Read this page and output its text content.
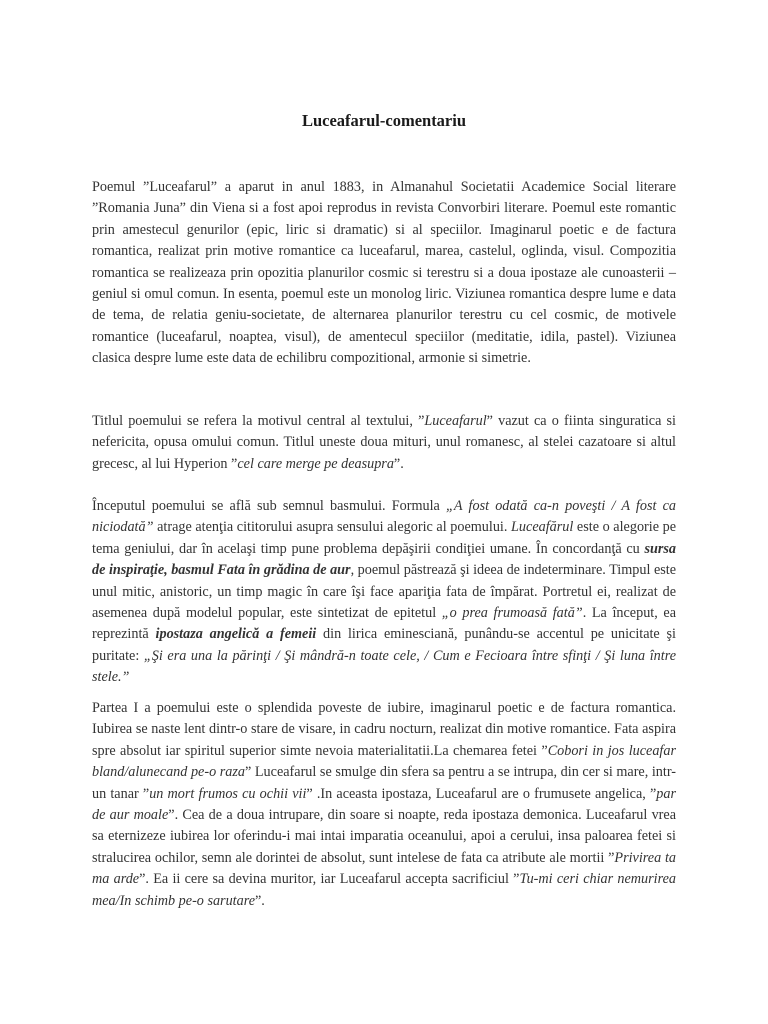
Luceafarul-comentariu

Poemul ”Luceafarul” a aparut in anul 1883, in Almanahul Societatii Academice Social literare ”Romania Juna” din Viena si a fost apoi reprodus in revista Convorbiri literare. Poemul este romantic prin amestecul genurilor (epic, liric si dramatic) si al speciilor. Imaginarul poetic e de factura romantica, realizat prin motive romantice ca luceafarul, marea, castelul, oglinda, visul. Compozitia romantica se realizeaza prin opozitia planurilor cosmic si terestru si a doua ipostaze ale cunoasterii – geniul si omul comun. In esenta, poemul este un monolog liric. Viziunea romantica despre lume e data de tema, de relatia geniu-societate, de alternarea planurilor terestru cu cel cosmic, de motivele romantice (luceafarul, noaptea, visul), de amentecul speciilor (meditatie, idila, pastel). Viziunea clasica despre lume este data de echilibru compozitional, armonie si simetrie.

Titlul poemului se refera la motivul central al textului, ”Luceafarul” vazut ca o fiinta singuratica si nefericita, opusa omului comun. Titlul uneste doua mituri, unul romanesc, al stelei cazatoare si altul grecesc, al lui Hyperion ”cel care merge pe deasupra”.

Începutul poemului se află sub semnul basmului. Formula „A fost odată ca-n poveşti / A fost ca niciodată” atrage atenţia cititorului asupra sensului alegoric al poemului. Luceafărul este o alegorie pe tema geniului, dar în acelaşi timp pune problema depăşirii condiţiei umane. În concordanţă cu sursa de inspiraţie, basmul Fata în grădina de aur, poemul păstrează şi ideea de indeterminare. Timpul este unul mitic, anistoric, un timp magic în care îşi face apariţia fata de împărat. Portretul ei, realizat de asemenea după modelul popular, este sintetizat de epitetul „o prea frumoasă fată”. La început, ea reprezintă ipostaza angelică a femeii din lirica eminesciană, punându-se accentul pe unicitate şi puritate: „Şi era una la părinţi / Şi mândră-n toate cele, / Cum e Fecioara între sfinţi / Şi luna între stele.”

Partea I a poemului este o splendida poveste de iubire, imaginarul poetic e de factura romantica. Iubirea se naste lent dintr-o stare de visare, in cadru nocturn, realizat din motive romantice. Fata aspira spre absolut iar spiritul superior simte nevoia materialitatii.La chemarea fetei ”Cobori in jos luceafar bland/alunecand pe-o raza” Luceafarul se smulge din sfera sa pentru a se intrupa, din cer si mare, intr-un tanar ”un mort frumos cu ochii vii” .In aceasta ipostaza, Luceafarul are o frumusete angelica, ”par de aur moale”. Cea de a doua intrupare, din soare si noapte, reda ipostaza demonica. Luceafarul vrea sa eternizeze iubirea lor oferindu-i mai intai imparatia oceanului, apoi a cerului, insa paloarea fetei si stralucirea ochilor, semn ale dorintei de absolut, sunt intelese de fata ca atribute ale mortii ”Privirea ta ma arde”. Ea ii cere sa devina muritor, iar Luceafarul accepta sacrificiul ”Tu-mi ceri chiar nemurirea mea/In schimb pe-o sarutare”.
